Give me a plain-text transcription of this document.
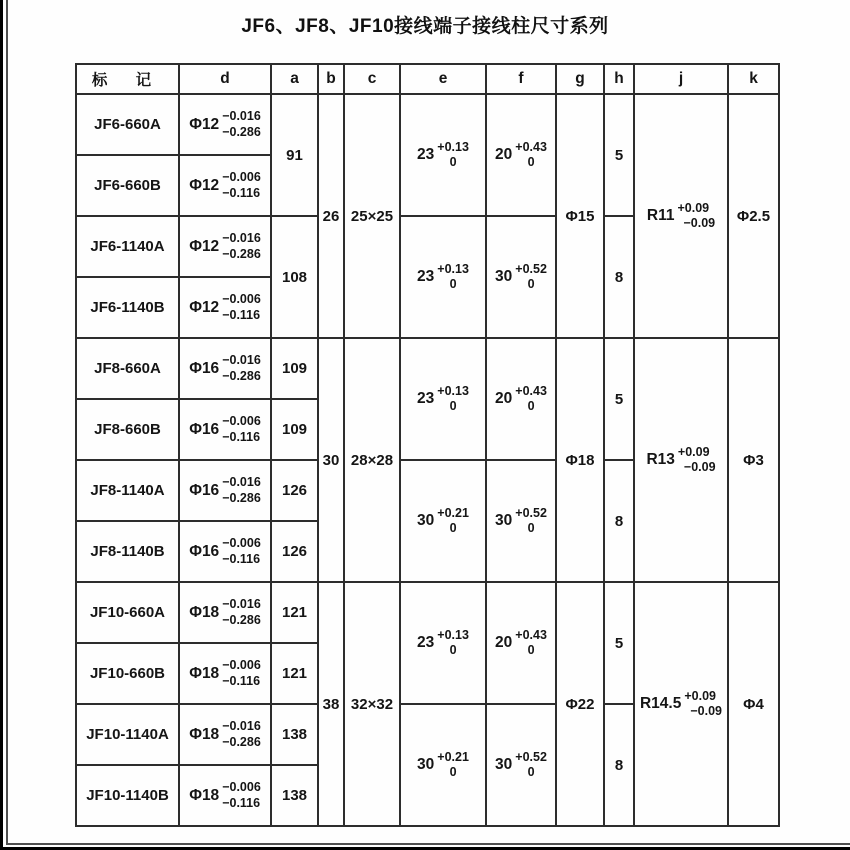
JF6、JF8、JF10接线端子接线柱尺寸系列
标 记	d	a	b	c	e	f	g	h	j	k
JF6-660A	Φ12 −0.016
−0.286	91	26	25×25	23 +0.13
0	20 +0.43
0	Φ15	5	R11 +0.09
−0.09	Φ2.5
JF6-660B	Φ12 −0.006
−0.116									

JF6-1140A	Φ12 −0.016
−0.286	108			23 +0.13
0	30 +0.52
0		8		
JF6-1140B	Φ12 −0.006
−0.116									

JF8-660A	Φ16 −0.016
−0.286	109	30	28×28	23 +0.13
0	20 +0.43
0	Φ18	5	R13 +0.09
−0.09	Φ3
JF8-660B	Φ16 −0.006
−0.116	109								
JF8-1140A	Φ16 −0.016
−0.286	126			30 +0.21
0	30 +0.52
0		8		
JF8-1140B	Φ16 −0.006
−0.116	126								
JF10-660A	Φ18 −0.016
−0.286	121	38	32×32	23 +0.13
0	20 +0.43
0	Φ22	5	R14.5 +0.09
−0.09	Φ4
JF10-660B	Φ18 −0.006
−0.116	121								
JF10-1140A	Φ18 −0.016
−0.286	138			30 +0.21
0	30 +0.52
0		8		
JF10-1140B	Φ18 −0.006
−0.116	138								
